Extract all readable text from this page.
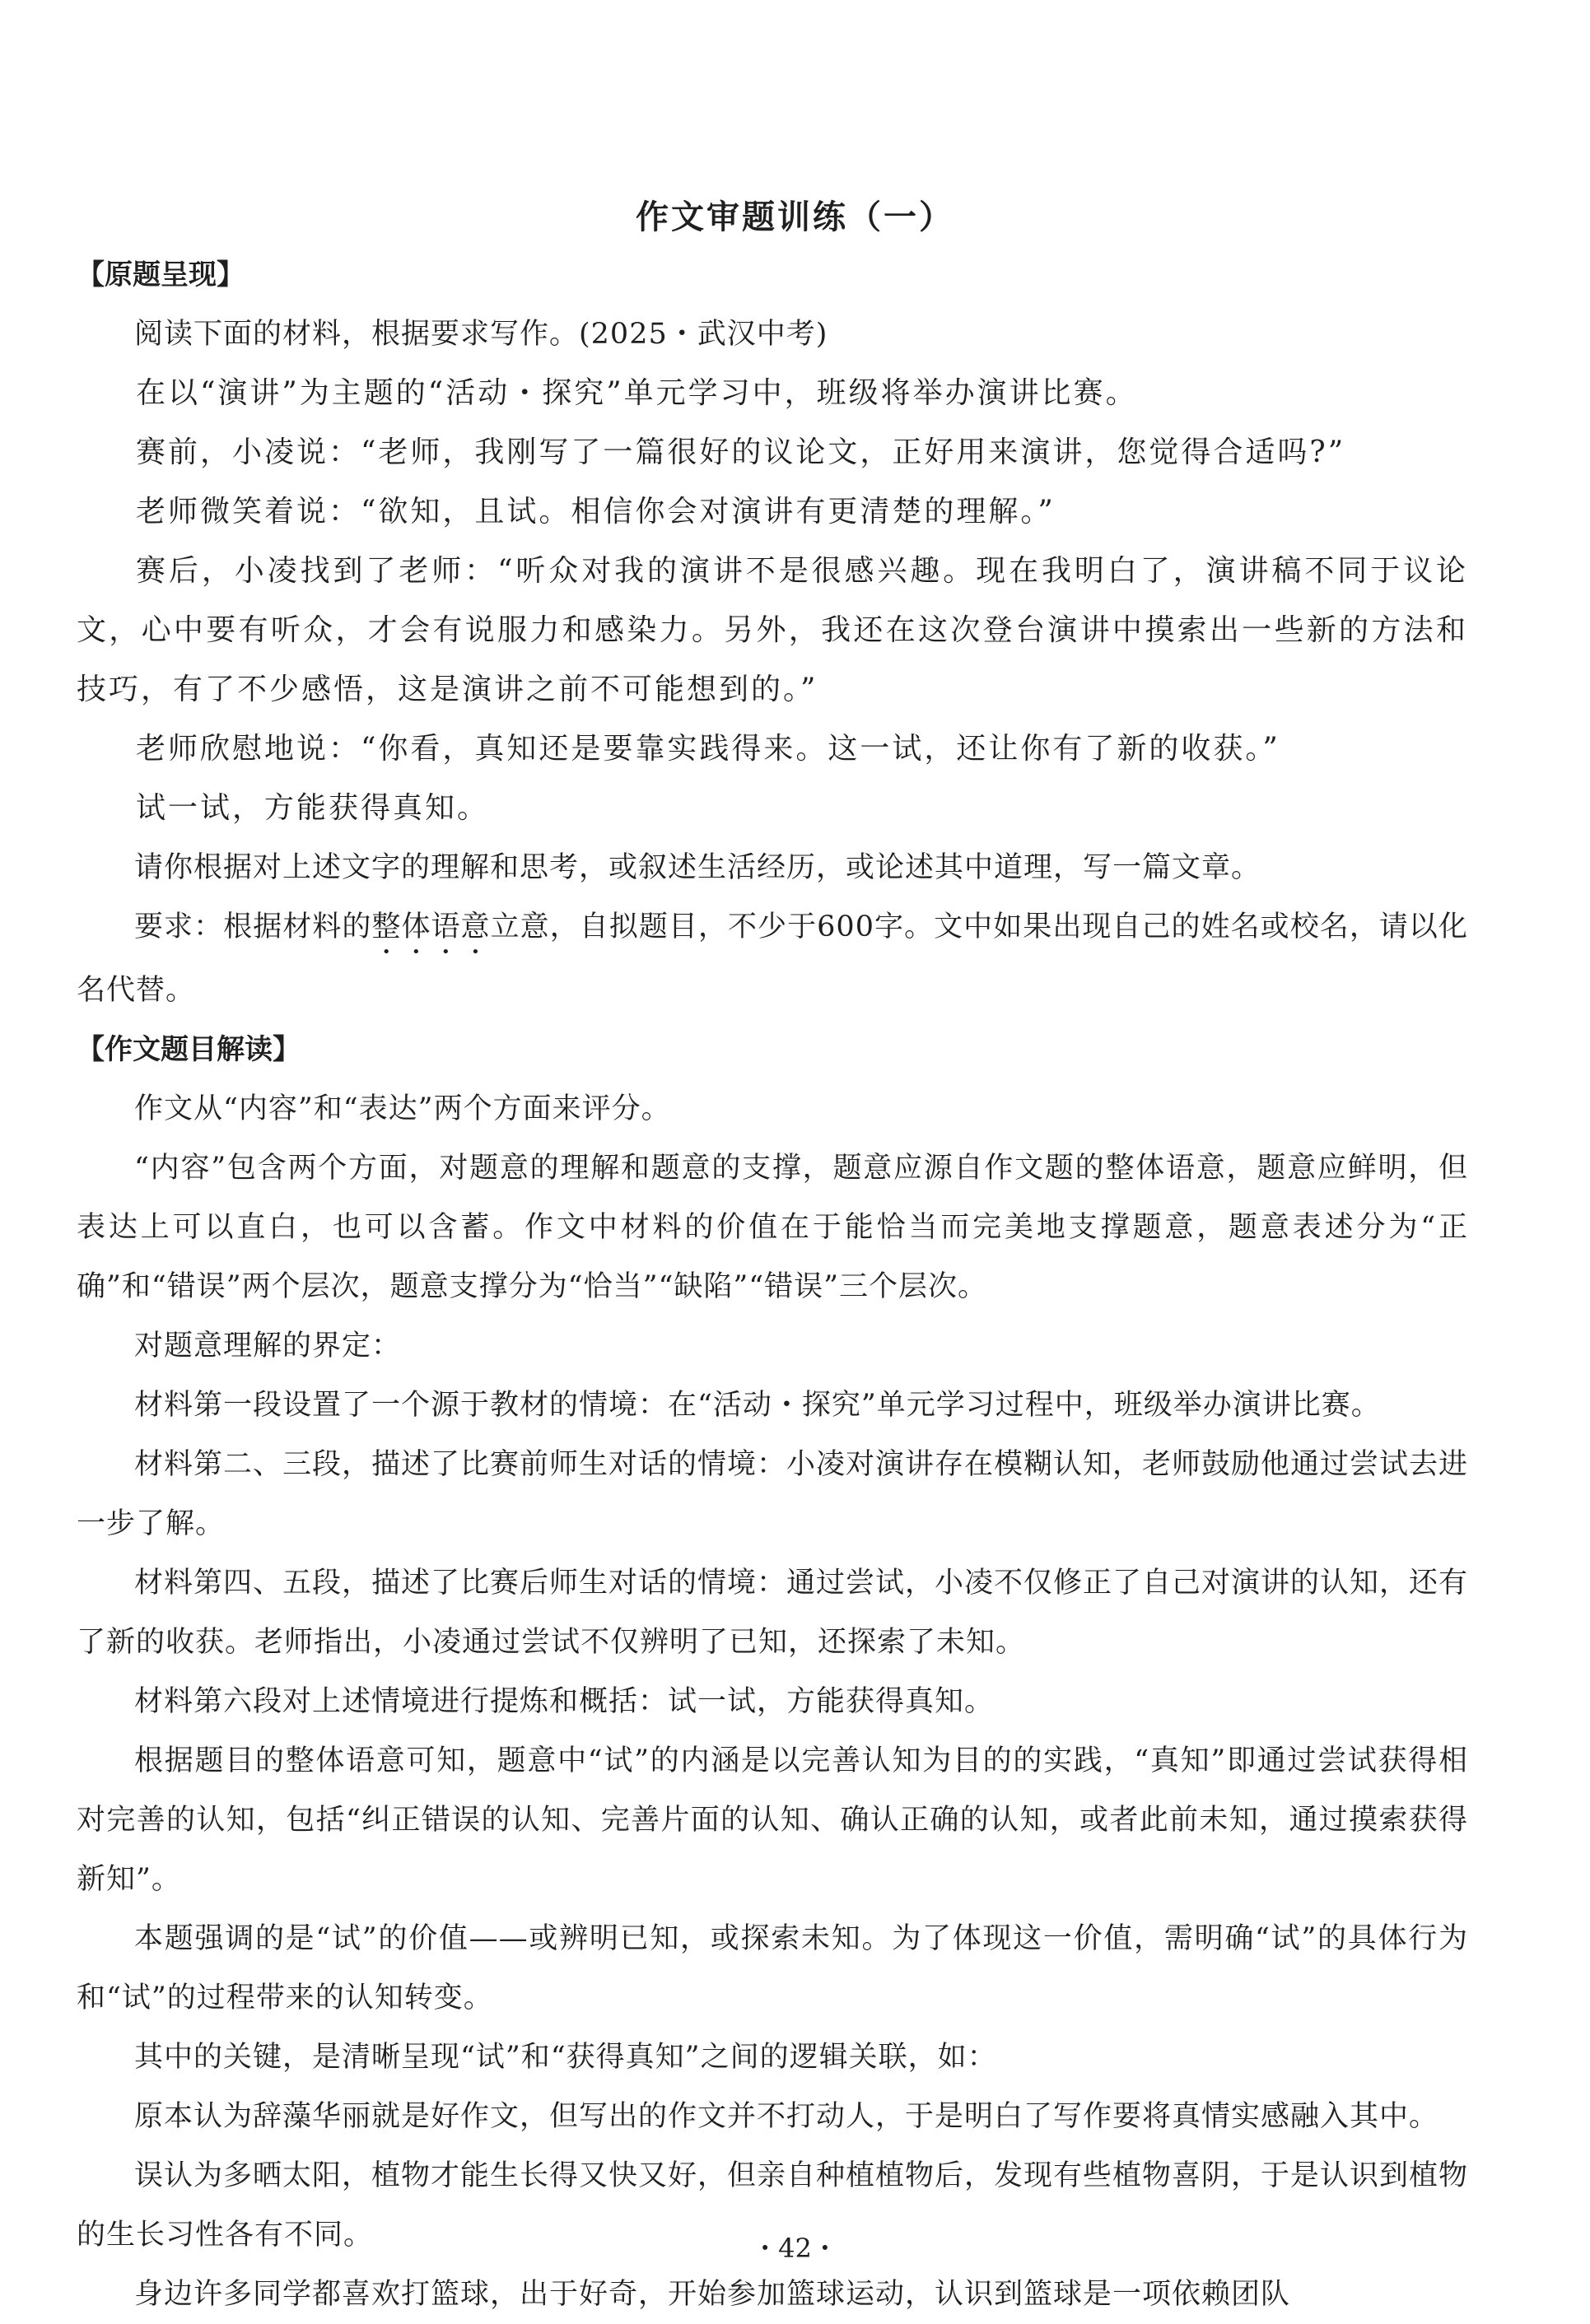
作文审题训练（一）
【原题呈现】

阅读下面的材料，根据要求写作。(2025・武汉中考)

在以“演讲”为主题的“活动・探究”单元学习中，班级将举办演讲比赛。

赛前，小凌说：“老师，我刚写了一篇很好的议论文，正好用来演讲，您觉得合适吗?”

老师微笑着说：“欲知，且试。相信你会对演讲有更清楚的理解。”

赛后，小凌找到了老师：“听众对我的演讲不是很感兴趣。现在我明白了，演讲稿不同于议论文，心中要有听众，才会有说服力和感染力。另外，我还在这次登台演讲中摸索出一些新的方法和技巧，有了不少感悟，这是演讲之前不可能想到的。”

老师欣慰地说：“你看，真知还是要靠实践得来。这一试，还让你有了新的收获。”

试一试，方能获得真知。

请你根据对上述文字的理解和思考，或叙述生活经历，或论述其中道理，写一篇文章。

要求：根据材料的整体语意立意，自拟题目，不少于600字。文中如果出现自己的姓名或校名，请以化名代替。

【作文题目解读】

作文从“内容”和“表达”两个方面来评分。

“内容”包含两个方面，对题意的理解和题意的支撑，题意应源自作文题的整体语意，题意应鲜明，但表达上可以直白，也可以含蓄。作文中材料的价值在于能恰当而完美地支撑题意，题意表述分为“正确”和“错误”两个层次，题意支撑分为“恰当”“缺陷”“错误”三个层次。

对题意理解的界定：

材料第一段设置了一个源于教材的情境：在“活动・探究”单元学习过程中，班级举办演讲比赛。

材料第二、三段，描述了比赛前师生对话的情境：小凌对演讲存在模糊认知，老师鼓励他通过尝试去进一步了解。

材料第四、五段，描述了比赛后师生对话的情境：通过尝试，小凌不仅修正了自己对演讲的认知，还有了新的收获。老师指出，小凌通过尝试不仅辨明了已知，还探索了未知。

材料第六段对上述情境进行提炼和概括：试一试，方能获得真知。

根据题目的整体语意可知，题意中“试”的内涵是以完善认知为目的的实践，“真知”即通过尝试获得相对完善的认知，包括“纠正错误的认知、完善片面的认知、确认正确的认知，或者此前未知，通过摸索获得新知”。

本题强调的是“试”的价值——或辨明已知，或探索未知。为了体现这一价值，需明确“试”的具体行为和“试”的过程带来的认知转变。

其中的关键，是清晰呈现“试”和“获得真知”之间的逻辑关联，如：

原本认为辞藻华丽就是好作文，但写出的作文并不打动人，于是明白了写作要将真情实感融入其中。

误认为多晒太阳，植物才能生长得又快又好，但亲自种植植物后，发现有些植物喜阴，于是认识到植物的生长习性各有不同。

身边许多同学都喜欢打篮球，出于好奇，开始参加篮球运动，认识到篮球是一项依赖团队

・42・
